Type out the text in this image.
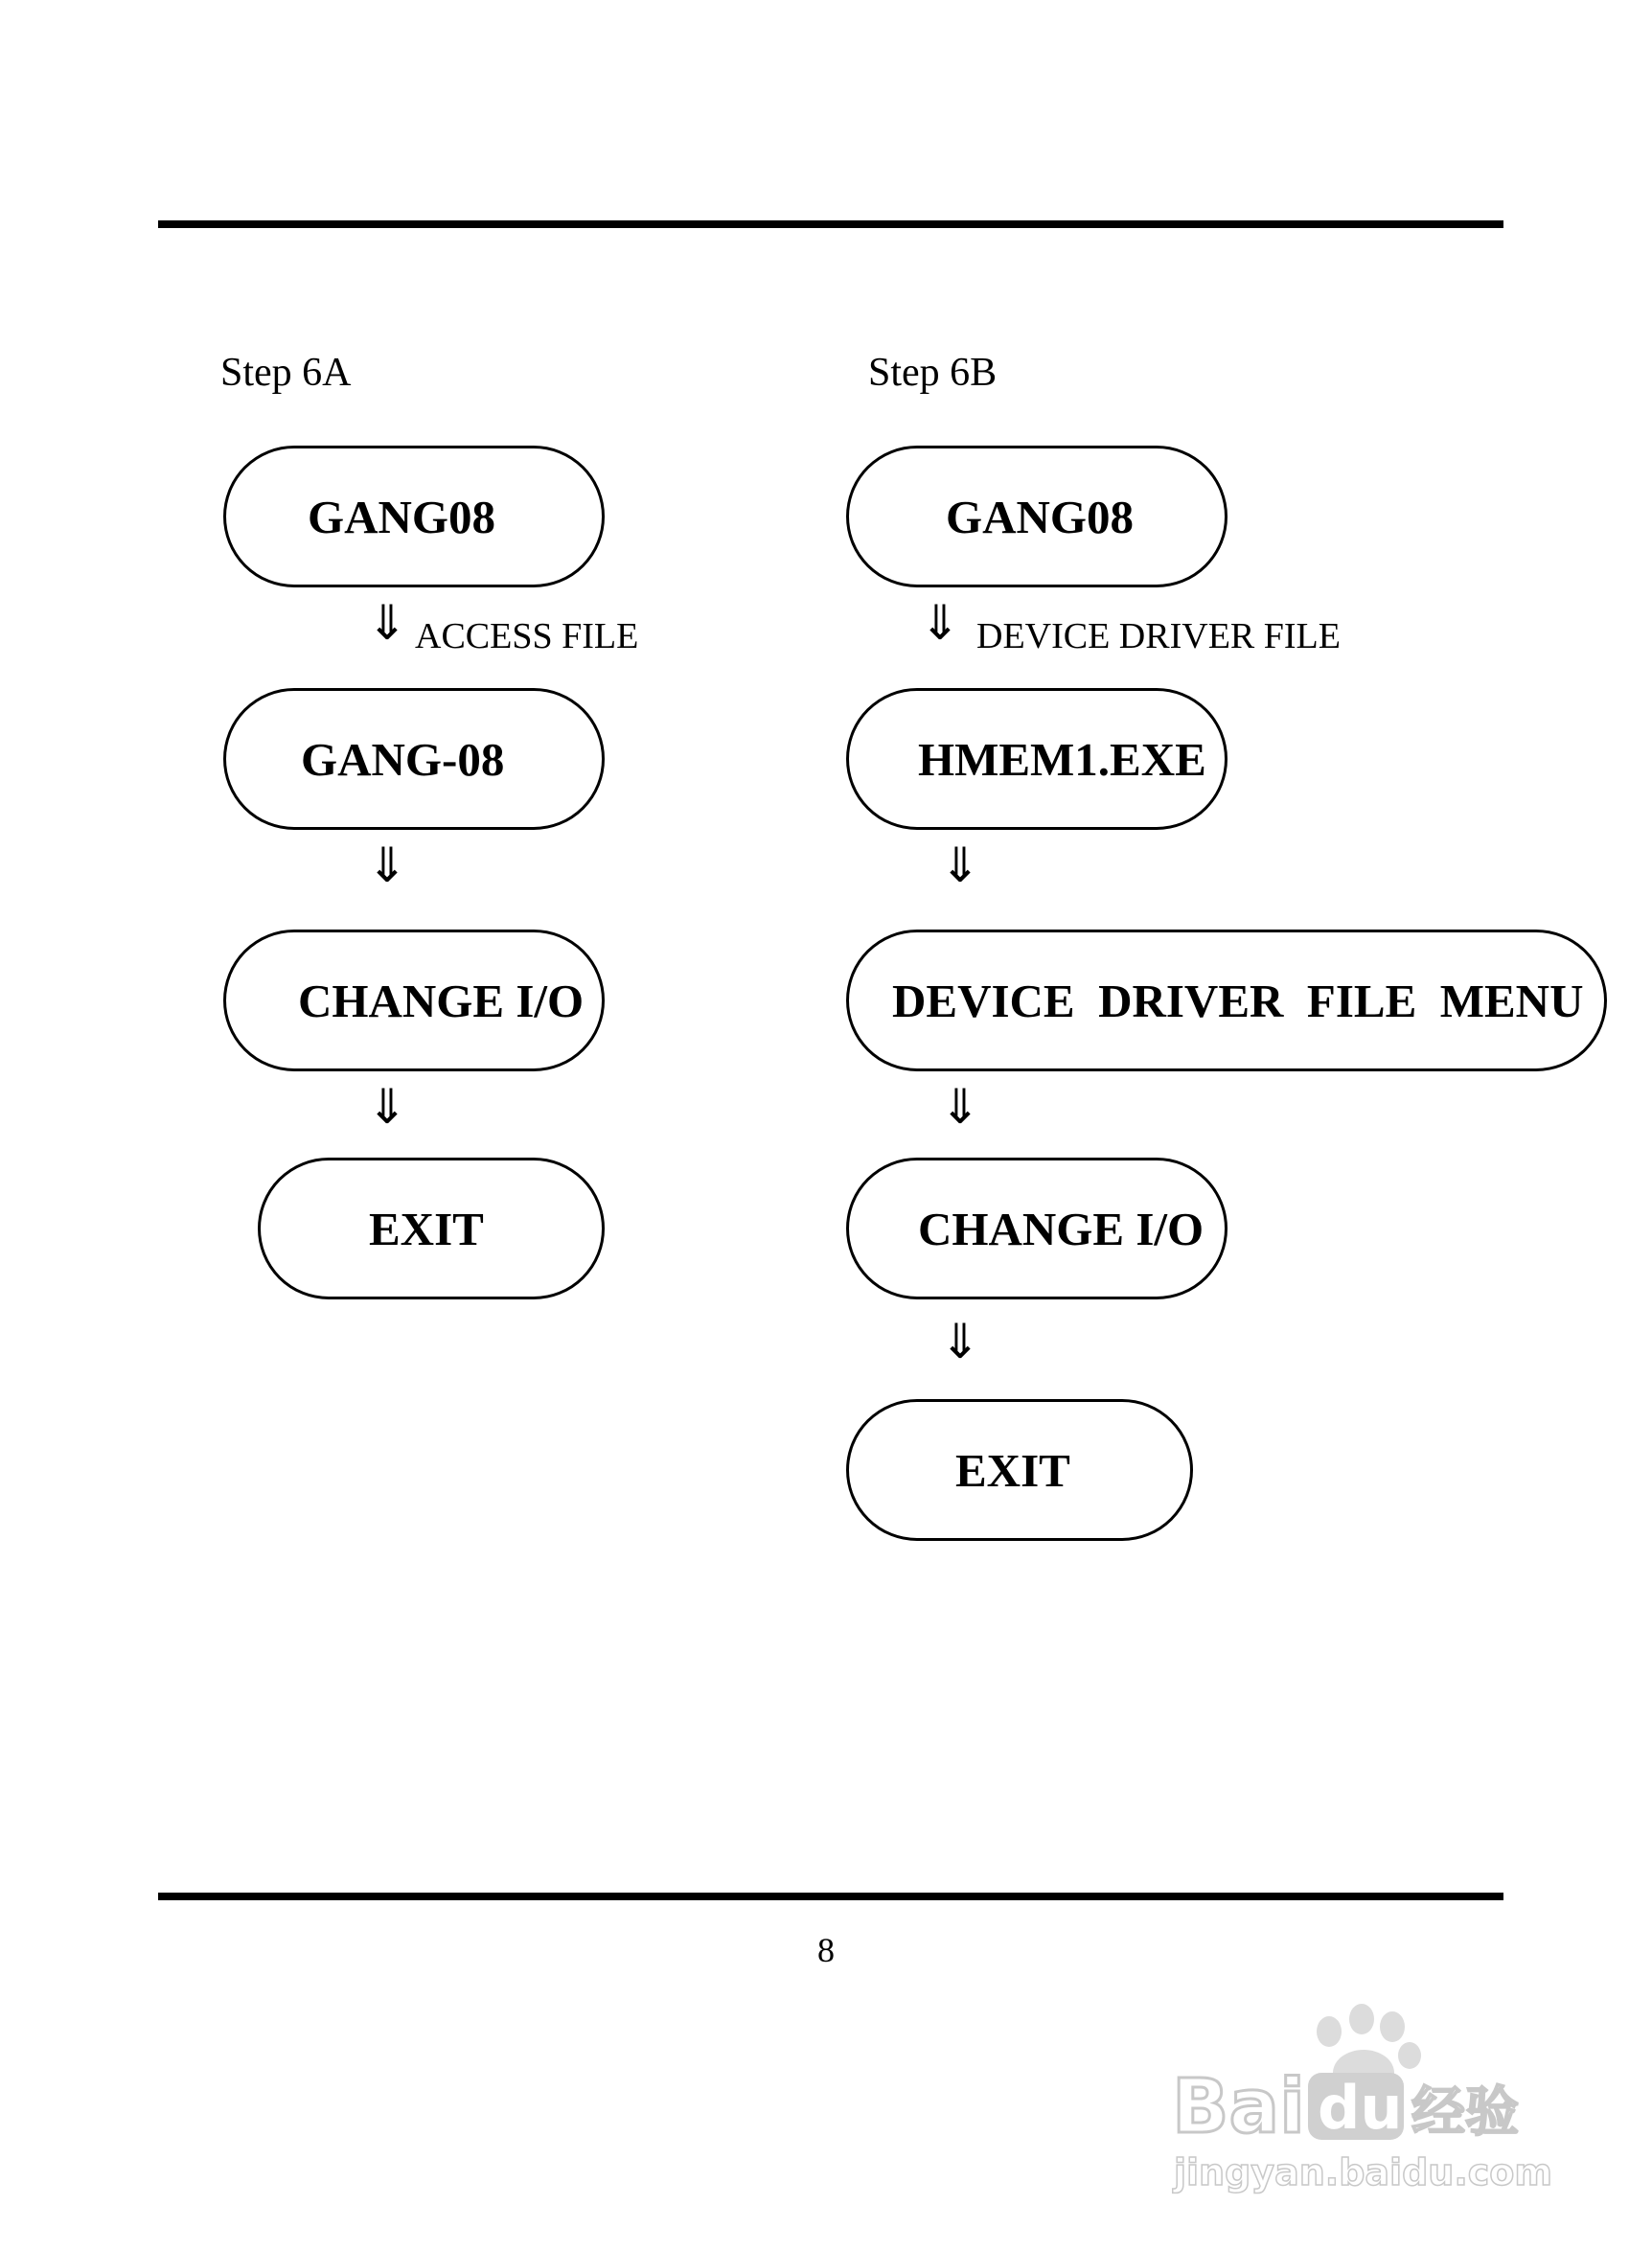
Step 6A
GANG08
⇓ ACCESS FILE
GANG-08
⇓
CHANGE I/O
⇓
EXIT
Step 6B
GANG08
⇓ DEVICE DRIVER FILE
HMEM1.EXE
⇓
DEVICE  DRIVER  FILE  MENU
⇓
CHANGE I/O
⇓
EXIT
8
Bai du 经验
jingyan.baidu.com
